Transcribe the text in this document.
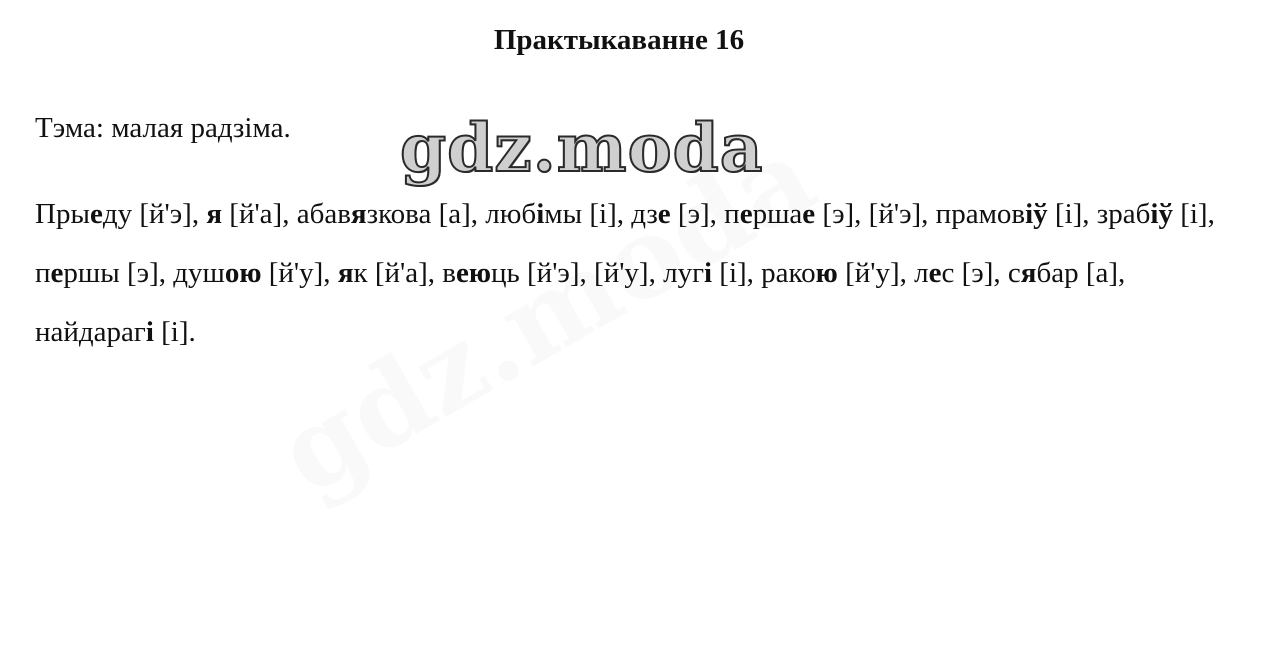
Практыкаванне 16
Тэма: малая радзіма. gdz.moda
Прыеду [й'э], я [й'а], абавязкова [а], любімы [і], дзе [э], першае [э], [й'э], прамовіў [і], зрабіў [і], першы [э], душою [й'у], як [й'а], веюць [й'э], [й'у], лугі [і], ракою [й'у], лес [э], сябар [а], найдарагі [і].
